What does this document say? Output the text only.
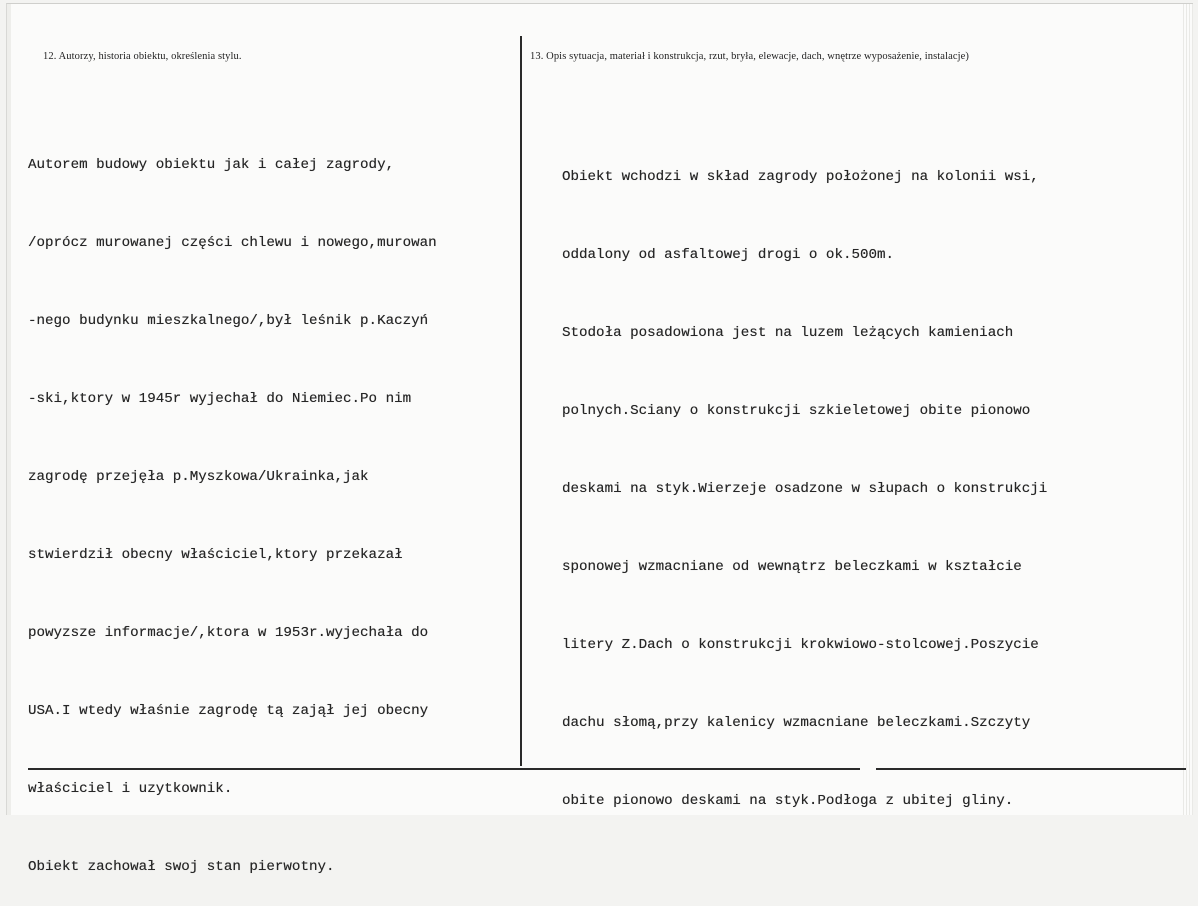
12. Autorzy, historia obiektu, określenia stylu.	13. Opis sytuacja, materiał i konstrukcja, rzut, bryła, elewacje, dach, wnętrze wyposażenie, instalacje)

Autorem budowy obiektu jak i całej zagrody,

/oprócz murowanej części chlewu i nowego,murowan

-nego budynku mieszkalnego/,był leśnik p.Kaczyń

-ski,ktory w 1945r wyjechał do Niemiec.Po nim

zagrodę przejęła p.Myszkowa/Ukrainka,jak

stwierdził obecny właściciel,ktory przekazał

powyzsze informacje/,ktora w 1953r.wyjechała do

USA.I wtedy właśnie zagrodę tą zajął jej obecny

właściciel i uzytkownik.

Obiekt zachował swoj stan pierwotny.

Obiekt wchodzi w skład zagrody położonej na kolonii wsi,

oddalony od asfaltowej drogi o ok.500m.

Stodoła posadowiona jest na luzem leżących kamieniach

polnych.Sciany o konstrukcji szkieletowej obite pionowo

deskami na styk.Wierzeje osadzone w słupach o konstrukcji

sponowej wzmacniane od wewnątrz beleczkami w kształcie

litery Z.Dach o konstrukcji krokwiowo-stolcowej.Poszycie

dachu słomą,przy kalenicy wzmacniane beleczkami.Szczyty

obite pionowo deskami na styk.Podłoga z ubitej gliny.
